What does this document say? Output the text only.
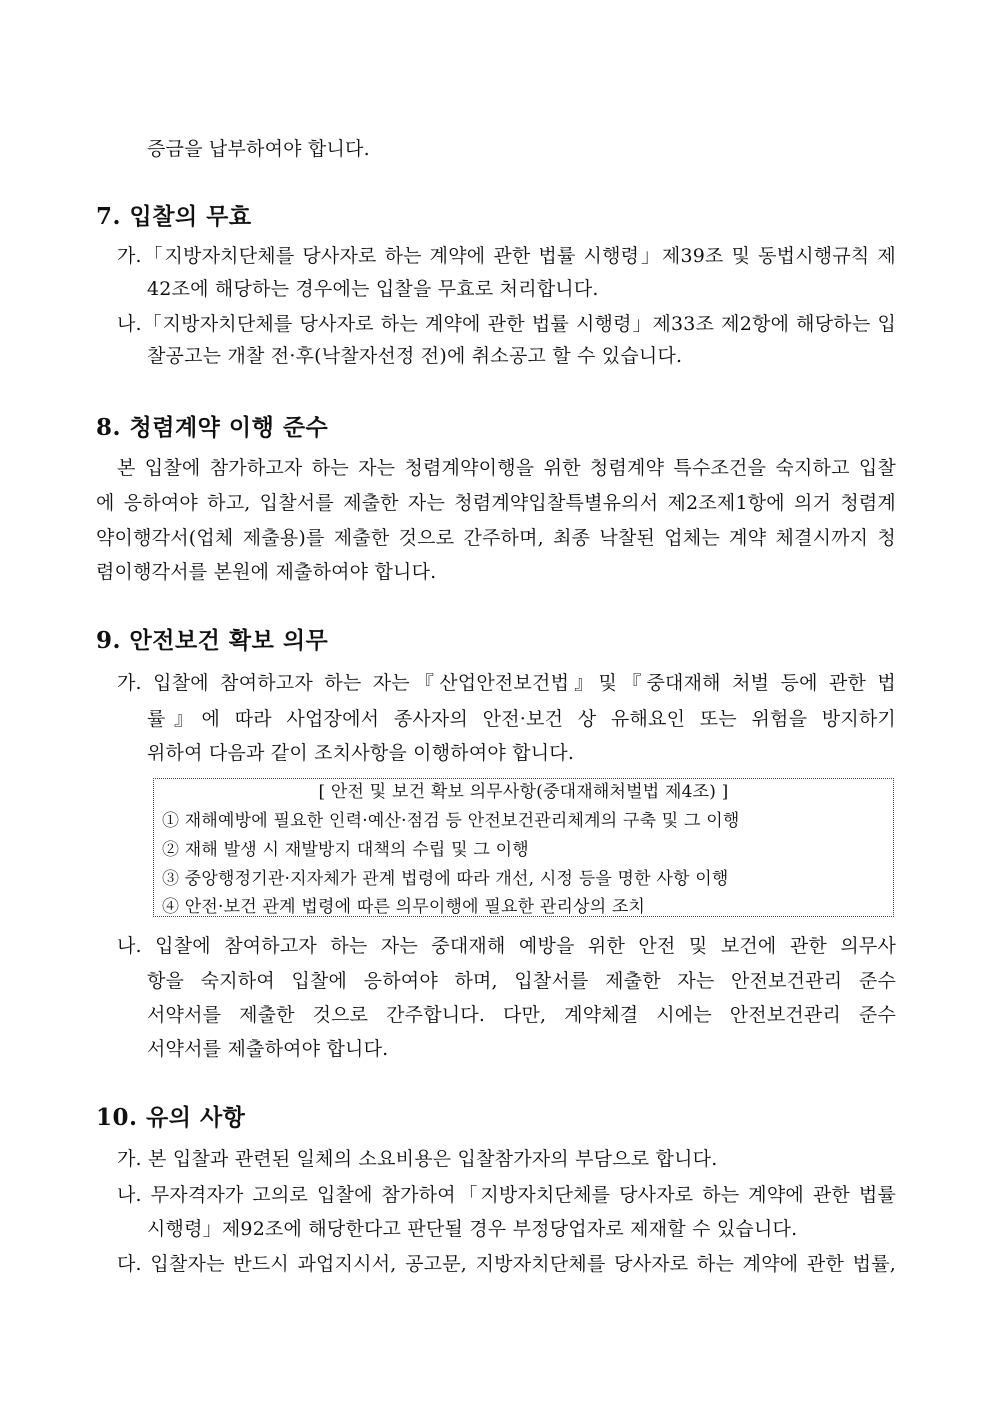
증금을 납부하여야 합니다.
7. 입찰의 무효
가.「지방자치단체를 당사자로 하는 계약에 관한 법률 시행령」제39조 및 동법시행규칙 제
42조에 해당하는 경우에는 입찰을 무효로 처리합니다.
나.「지방자치단체를 당사자로 하는 계약에 관한 법률 시행령」제33조 제2항에 해당하는 입
찰공고는 개찰 전·후(낙찰자선정 전)에 취소공고 할 수 있습니다.
8. 청렴계약 이행 준수
본 입찰에 참가하고자 하는 자는 청렴계약이행을 위한 청렴계약 특수조건을 숙지하고 입찰
에 응하여야 하고, 입찰서를 제출한 자는 청렴계약입찰특별유의서 제2조제1항에 의거 청렴계
약이행각서(업체 제출용)를 제출한 것으로 간주하며, 최종 낙찰된 업체는 계약 체결시까지 청
렴이행각서를 본원에 제출하여야 합니다.
9. 안전보건 확보 의무
가. 입찰에 참여하고자 하는 자는『산업안전보건법』및『중대재해 처벌 등에 관한 법
률』에 따라 사업장에서 종사자의 안전·보건 상 유해요인 또는 위험을 방지하기
위하여 다음과 같이 조치사항을 이행하여야 합니다.
[ 안전 및 보건 확보 의무사항(중대재해처벌법 제4조) ]
① 재해예방에 필요한 인력·예산·점검 등 안전보건관리체계의 구축 및 그 이행
② 재해 발생 시 재발방지 대책의 수립 및 그 이행
③ 중앙행정기관·지자체가 관계 법령에 따라 개선, 시정 등을 명한 사항 이행
④ 안전·보건 관계 법령에 따른 의무이행에 필요한 관리상의 조치
나. 입찰에 참여하고자 하는 자는 중대재해 예방을 위한 안전 및 보건에 관한 의무사
항을 숙지하여 입찰에 응하여야 하며, 입찰서를 제출한 자는 안전보건관리 준수
서약서를 제출한 것으로 간주합니다. 다만, 계약체결 시에는 안전보건관리 준수
서약서를 제출하여야 합니다.
10. 유의 사항
가. 본 입찰과 관련된 일체의 소요비용은 입찰참가자의 부담으로 합니다.
나. 무자격자가 고의로 입찰에 참가하여「지방자치단체를 당사자로 하는 계약에 관한 법률
시행령」제92조에 해당한다고 판단될 경우 부정당업자로 제재할 수 있습니다.
다. 입찰자는 반드시 과업지시서, 공고문, 지방자치단체를 당사자로 하는 계약에 관한 법률,
